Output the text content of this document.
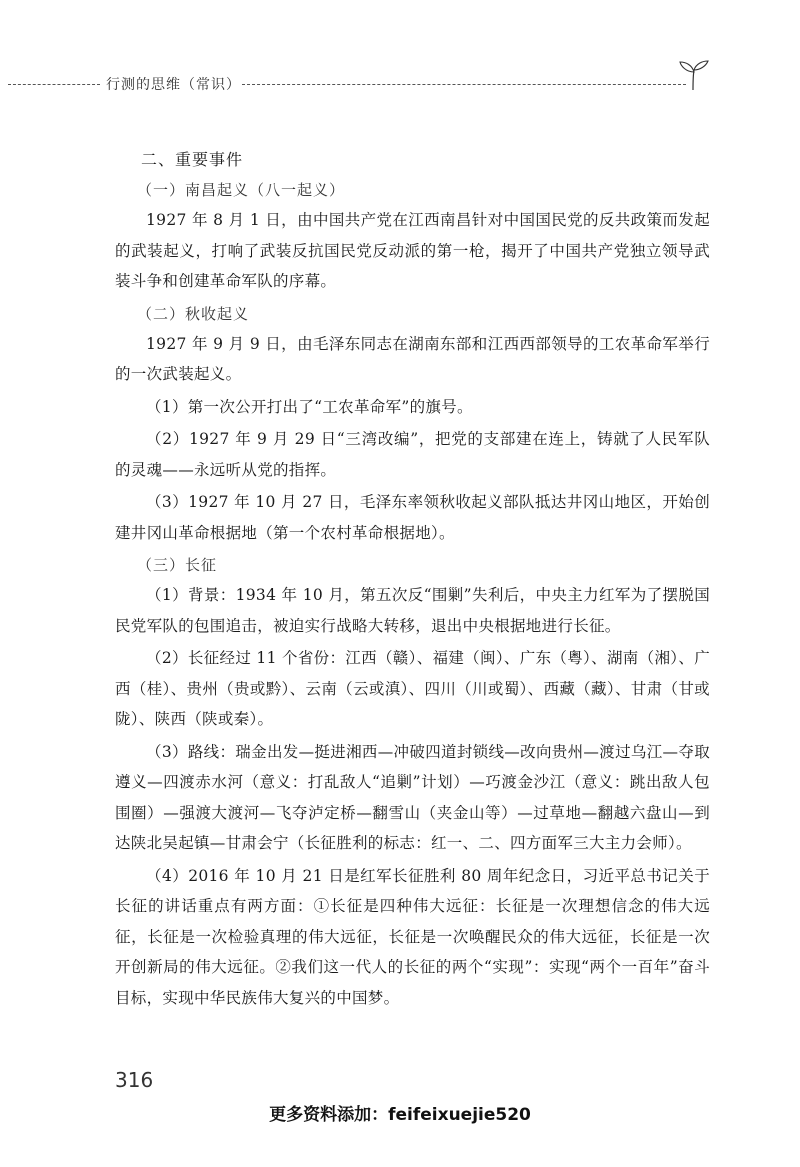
行测的思维（常识）
二、重要事件
（一）南昌起义（八一起义）

1927 年 8 月 1 日，由中国共产党在江西南昌针对中国国民党的反共政策而发起的武装起义，打响了武装反抗国民党反动派的第一枪，揭开了中国共产党独立领导武装斗争和创建革命军队的序幕。

（二）秋收起义

1927 年 9 月 9 日，由毛泽东同志在湖南东部和江西西部领导的工农革命军举行的一次武装起义。

（1）第一次公开打出了“工农革命军”的旗号。

（2）1927 年 9 月 29 日“三湾改编”，把党的支部建在连上，铸就了人民军队的灵魂——永远听从党的指挥。

（3）1927 年 10 月 27 日，毛泽东率领秋收起义部队抵达井冈山地区，开始创建井冈山革命根据地（第一个农村革命根据地）。

（三）长征

（1）背景：1934 年 10 月，第五次反“围剿”失利后，中央主力红军为了摆脱国民党军队的包围追击，被迫实行战略大转移，退出中央根据地进行长征。

（2）长征经过 11 个省份：江西（赣）、福建（闽）、广东（粤）、湖南（湘）、广西（桂）、贵州（贵或黔）、云南（云或滇）、四川（川或蜀）、西藏（藏）、甘肃（甘或陇）、陕西（陕或秦）。

（3）路线：瑞金出发—挺进湘西—冲破四道封锁线—改向贵州—渡过乌江—夺取遵义—四渡赤水河（意义：打乱敌人“追剿”计划）—巧渡金沙江（意义：跳出敌人包围圈）—强渡大渡河—飞夺泸定桥—翻雪山（夹金山等）—过草地—翻越六盘山—到达陕北吴起镇—甘肃会宁（长征胜利的标志：红一、二、四方面军三大主力会师）。

（4）2016 年 10 月 21 日是红军长征胜利 80 周年纪念日，习近平总书记关于长征的讲话重点有两方面：①长征是四种伟大远征：长征是一次理想信念的伟大远征，长征是一次检验真理的伟大远征，长征是一次唤醒民众的伟大远征，长征是一次开创新局的伟大远征。②我们这一代人的长征的两个“实现”：实现“两个一百年”奋斗目标，实现中华民族伟大复兴的中国梦。

316
更多资料添加：feifeixuejie520
